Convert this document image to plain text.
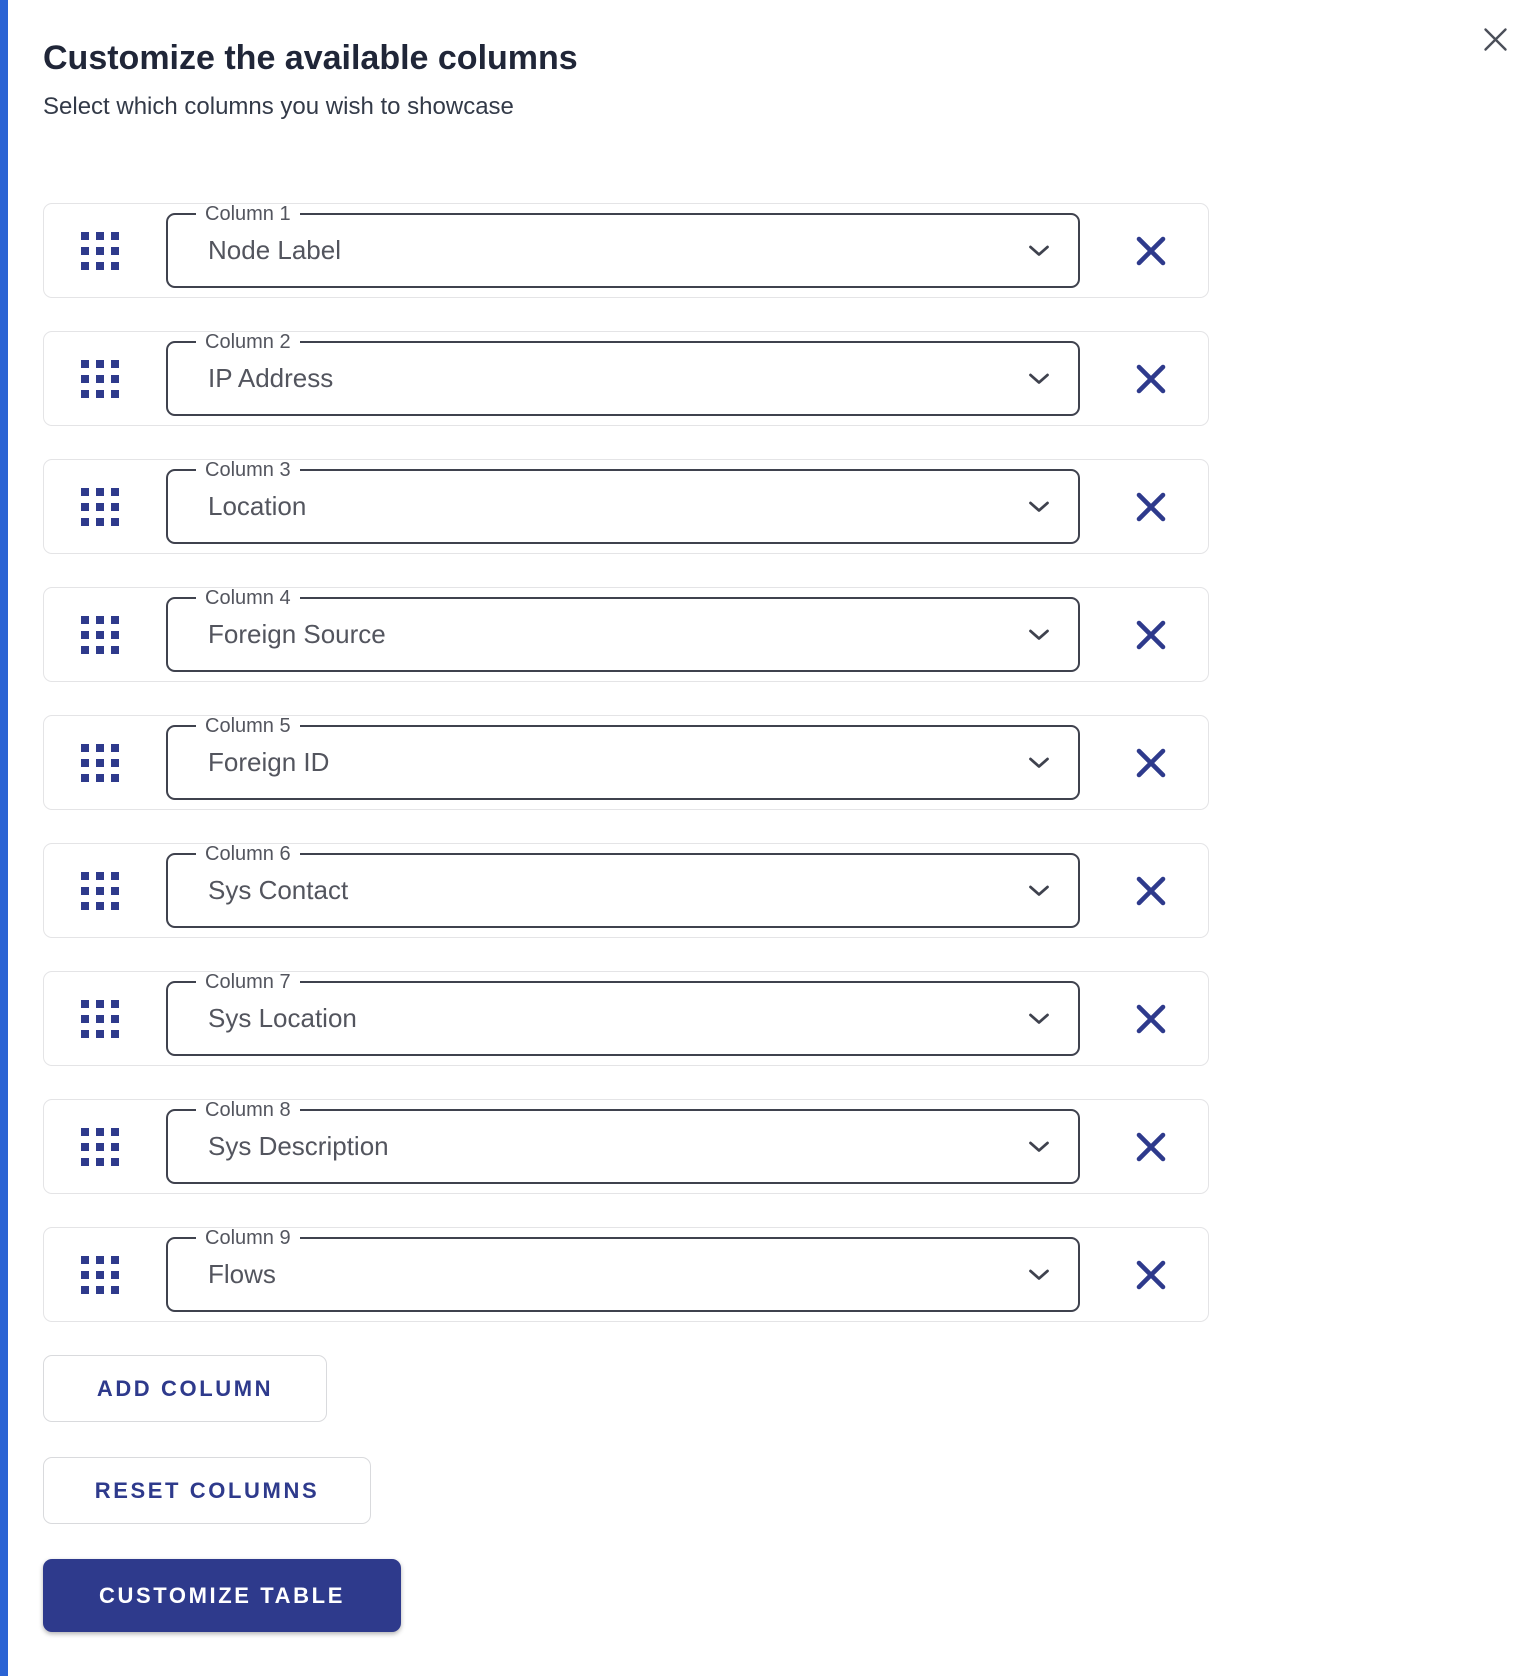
Customize the available columns
Select which columns you wish to showcase
Column 1
Node Label
Column 2
IP Address
Column 3
Location
Column 4
Foreign Source
Column 5
Foreign ID
Column 6
Sys Contact
Column 7
Sys Location
Column 8
Sys Description
Column 9
Flows
ADD COLUMN
RESET COLUMNS
CUSTOMIZE TABLE
